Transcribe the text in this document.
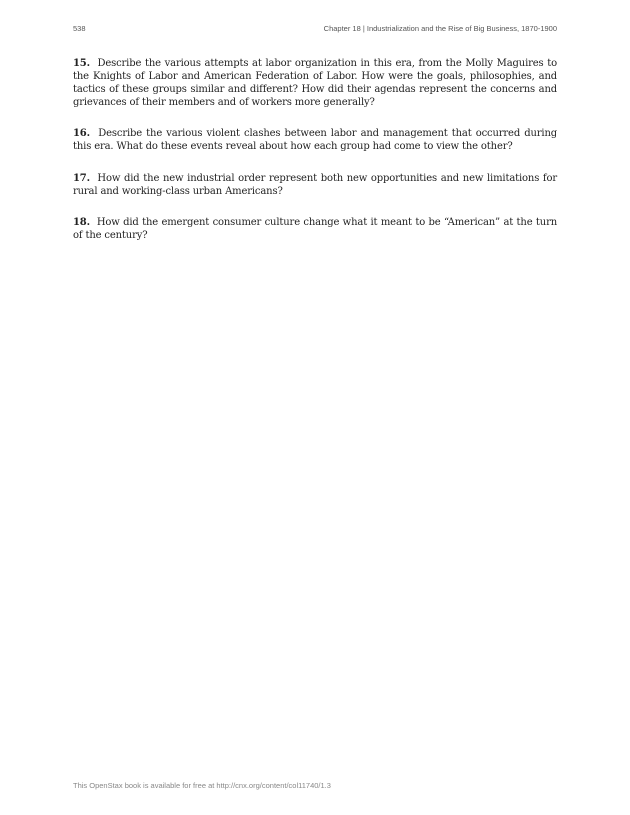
538	Chapter 18 | Industrialization and the Rise of Big Business, 1870-1900

15. Describe the various attempts at labor organization in this era, from the Molly Maguires to the Knights of Labor and American Federation of Labor. How were the goals, philosophies, and tactics of these groups similar and different? How did their agendas represent the concerns and grievances of their members and of workers more generally?

16. Describe the various violent clashes between labor and management that occurred during this era. What do these events reveal about how each group had come to view the other?

17. How did the new industrial order represent both new opportunities and new limitations for rural and working-class urban Americans?

18. How did the emergent consumer culture change what it meant to be “American” at the turn of the century?

This OpenStax book is available for free at http://cnx.org/content/col11740/1.3
